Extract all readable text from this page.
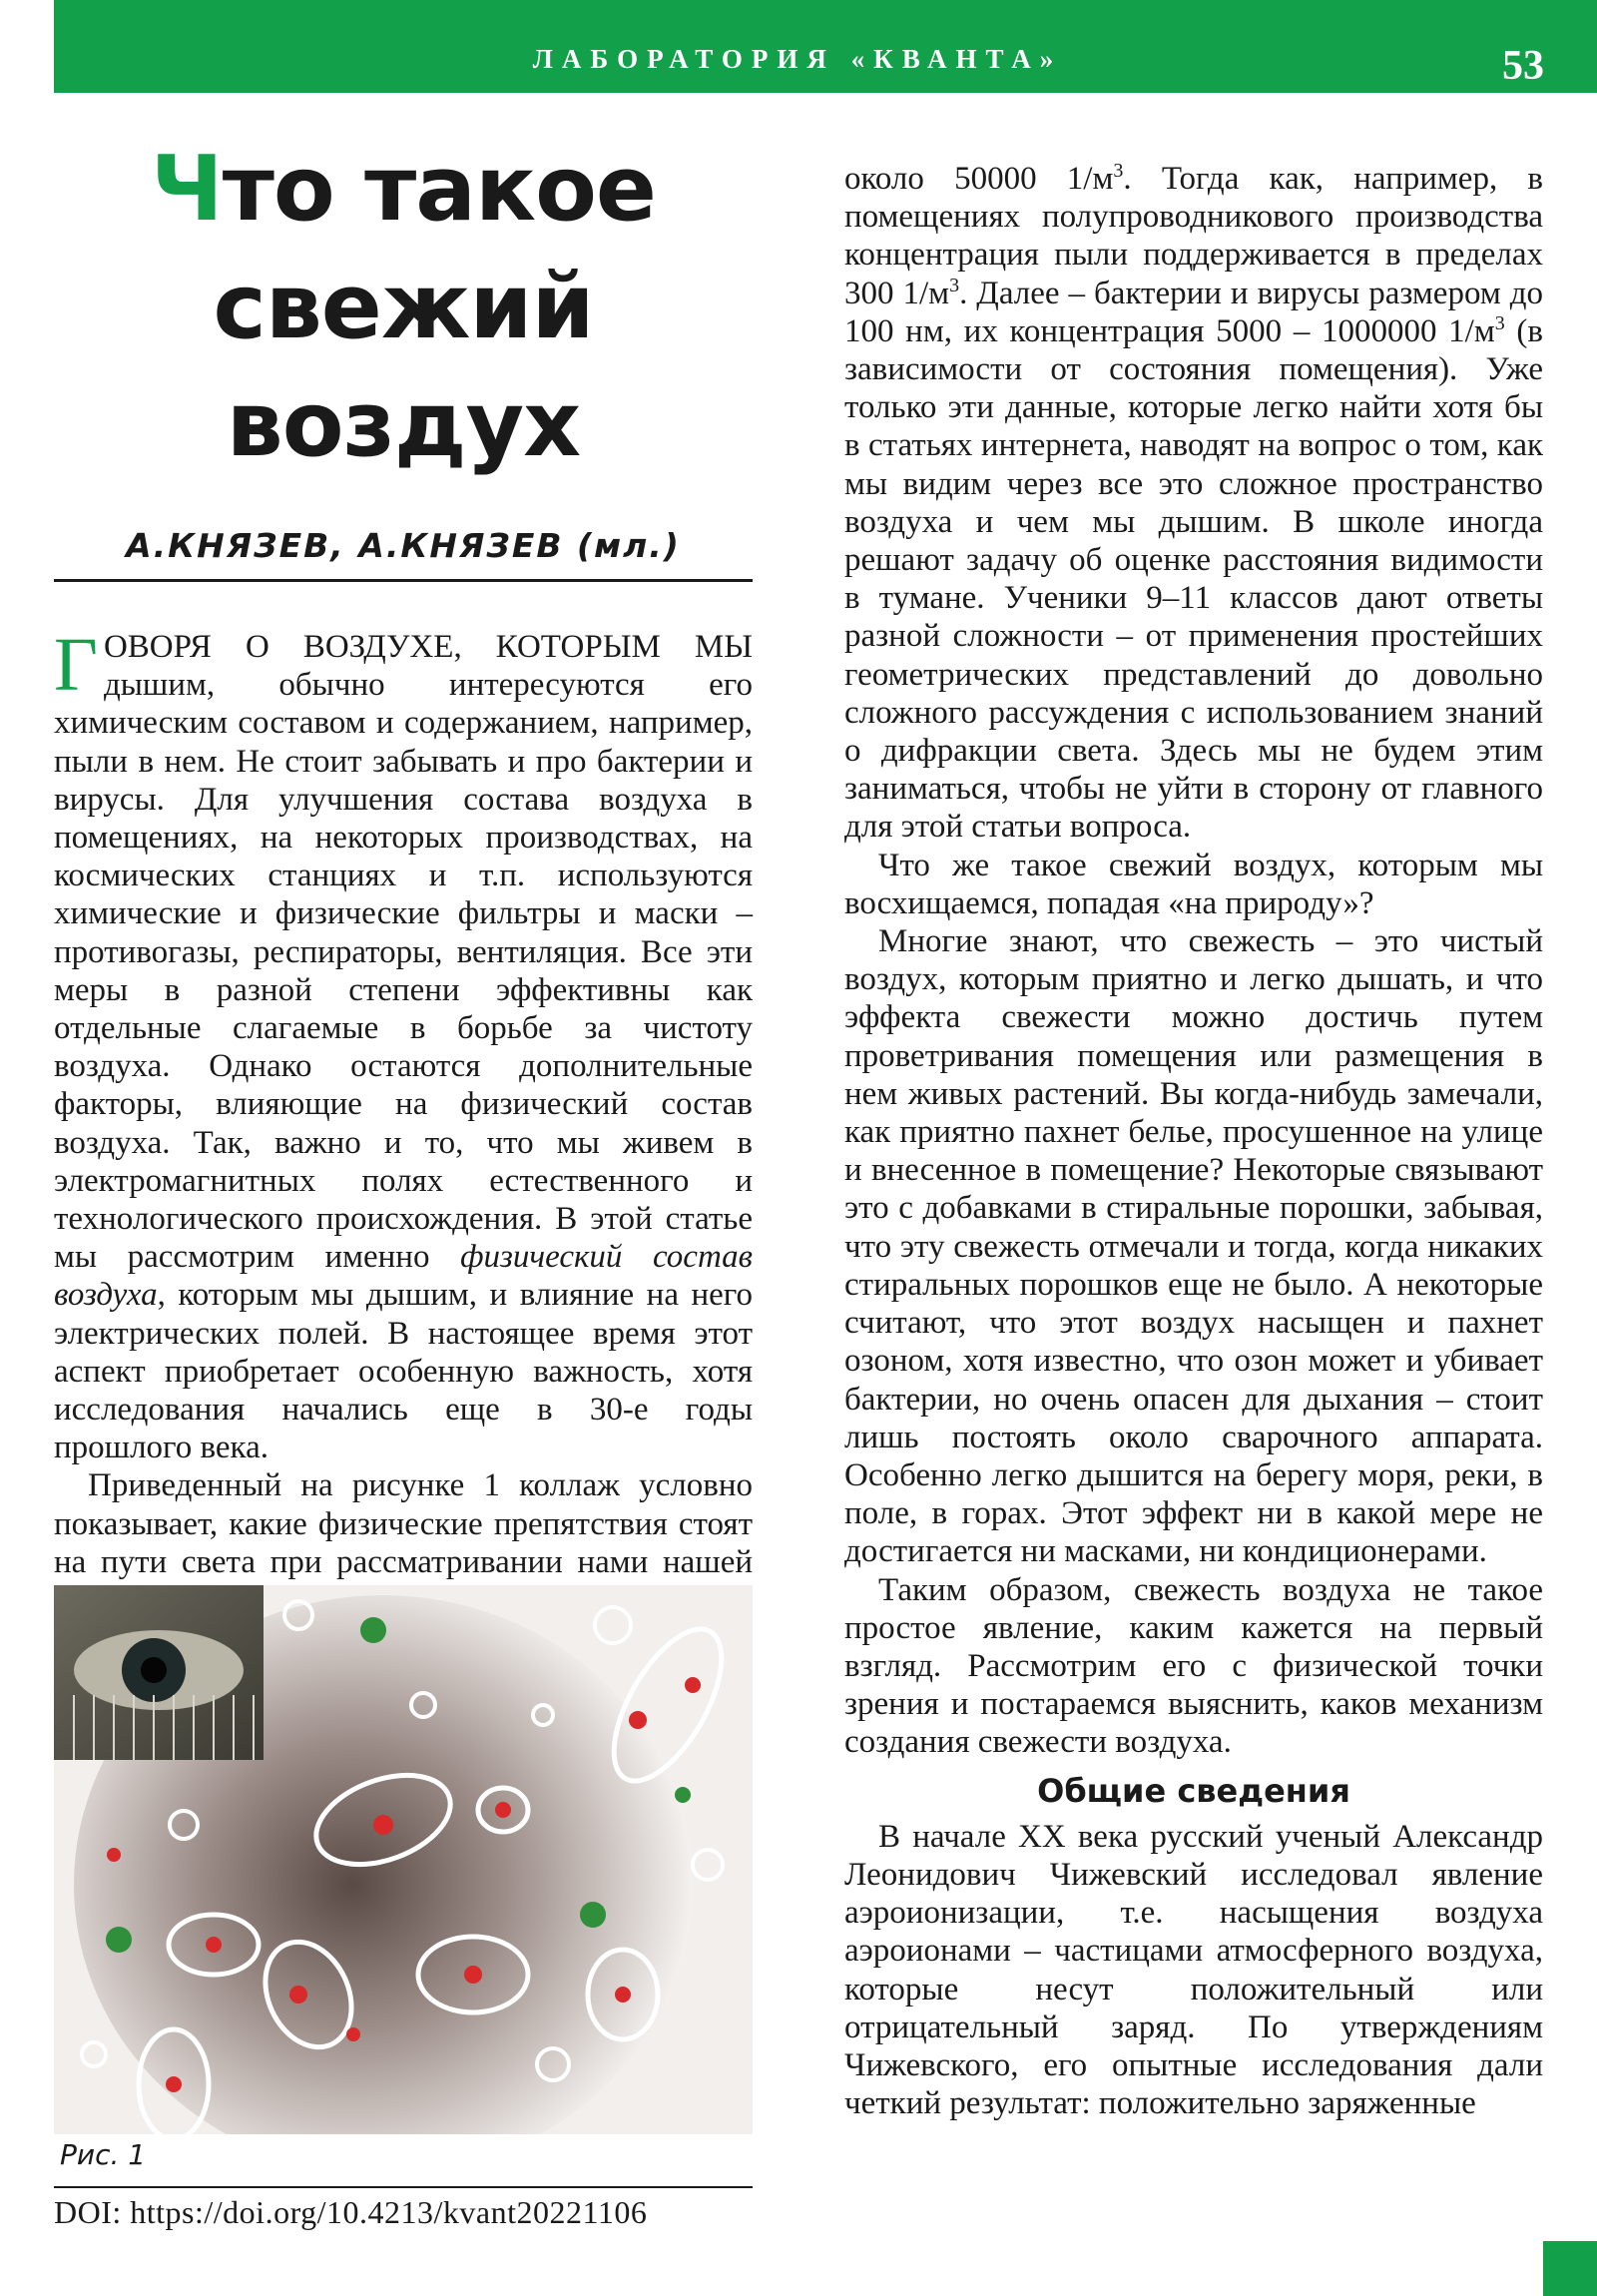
ЛАБОРАТОРИЯ «КВАНТА»	53
Что такое
свежий воздух
А.КНЯЗЕВ, А.КНЯЗЕВ (мл.)

ГОВОРЯ О ВОЗДУХЕ, КОТОРЫМ МЫ дышим, обычно интересуются его химическим составом и содержанием, например, пыли в нем. Не стоит забывать и про бактерии и вирусы. Для улучшения состава воздуха в помещениях, на некоторых производствах, на космических станциях и т.п. используются химические и физические фильтры и маски – противогазы, респираторы, вентиляция. Все эти меры в разной степени эффективны как отдельные слагаемые в борьбе за чистоту воздуха. Однако остаются дополнительные факторы, влияющие на физический состав воздуха. Так, важно и то, что мы живем в электромагнитных полях естественного и технологического происхождения. В этой статье мы рассмотрим именно физический состав воздуха, которым мы дышим, и влияние на него электрических полей. В настоящее время этот аспект приобретает особенную важность, хотя исследования начались еще в 30-е годы прошлого века.

Приведенный на рисунке 1 коллаж условно показывает, какие физические препятствия стоят на пути света при рассматривании нами нашей

Рис. 1
DOI: https://doi.org/10.4213/kvant20221106

около 50000 $1/м^3$. Тогда как, например, в помещениях полупроводникового производства концентрация пыли поддерживается в пределах 300 $1/м^3$. Далее – бактерии и вирусы размером до 100 нм, их концентрация 5000 – 1000000 $1/м^3$ (в зависимости от состояния помещения). Уже только эти данные, которые легко найти хотя бы в статьях интернета, наводят на вопрос о том, как мы видим через все это сложное пространство воздуха и чем мы дышим. В школе иногда решают задачу об оценке расстояния видимости в тумане. Ученики 9–11 классов дают ответы разной сложности – от применения простейших геометрических представлений до довольно сложного рассуждения с использованием знаний о дифракции света. Здесь мы не будем этим заниматься, чтобы не уйти в сторону от главного для этой статьи вопроса.

Что же такое свежий воздух, которым мы восхищаемся, попадая «на природу»?

Многие знают, что свежесть – это чистый воздух, которым приятно и легко дышать, и что эффекта свежести можно достичь путем проветривания помещения или размещения в нем живых растений. Вы когда-нибудь замечали, как приятно пахнет белье, просушенное на улице и внесенное в помещение? Некоторые связывают это с добавками в стиральные порошки, забывая, что эту свежесть отмечали и тогда, когда никаких стиральных порошков еще не было. А некоторые считают, что этот воздух насыщен и пахнет озоном, хотя известно, что озон может и убивает бактерии, но очень опасен для дыхания – стоит лишь постоять около сварочного аппарата. Особенно легко дышится на берегу моря, реки, в поле, в горах. Этот эффект ни в какой мере не достигается ни масками, ни кондиционерами.

Таким образом, свежесть воздуха не такое простое явление, каким кажется на первый взгляд. Рассмотрим его с физической точки зрения и постараемся выяснить, каков механизм создания свежести воздуха.

Общие сведения

В начале XX века русский ученый Александр Леонидович Чижевский исследовал явление аэроионизации, т.е. насыщения воздуха аэроионами – частицами атмосферного воздуха, которые несут положительный или отрицательный заряд. По утверждениям Чижевского, его опытные исследования дали четкий результат: положительно заряженные
